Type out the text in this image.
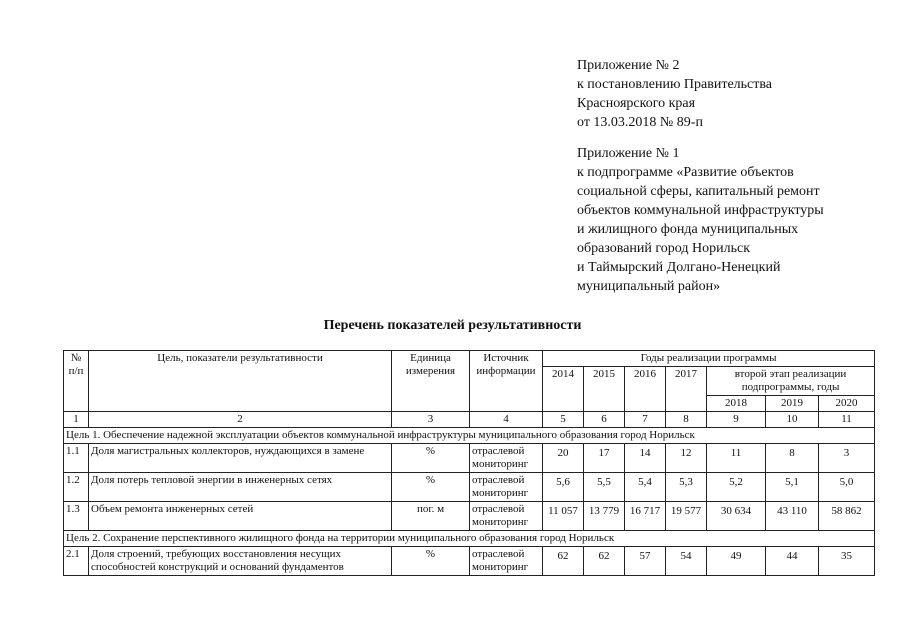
Приложение № 2
к постановлению Правительства
Красноярского края
от 13.03.2018 № 89-п
Приложение № 1
к подпрограмме «Развитие объектов
социальной сферы, капитальный ремонт
объектов коммунальной инфраструктуры
и жилищного фонда муниципальных
образований город Норильск
и Таймырский Долгано-Ненецкий
муниципальный район»
Перечень показателей результативности
№ п/п	Цель, показатели результативности	Единица измерения	Источник информации	Годы реализации программы						
				2014	2015	2016	2017	второй этап реализации подпрограммы, годы		
								2018	2019	2020
1	2	3	4	5	6	7	8	9	10	11
Цель 1. Обеспечение надежной эксплуатации объектов коммунальной инфраструктуры муниципального образования город Норильск										
1.1	Доля магистральных коллекторов, нуждающихся в замене	%	отраслевой мониторинг	20	17	14	12	11	8	3
1.2	Доля потерь тепловой энергии в инженерных сетях	%	отраслевой мониторинг	5,6	5,5	5,4	5,3	5,2	5,1	5,0
1.3	Объем ремонта инженерных сетей	пог. м	отраслевой мониторинг	11 057	13 779	16 717	19 577	30 634	43 110	58 862
Цель 2. Сохранение перспективного жилищного фонда на территории муниципального образования город Норильск										
2.1	Доля строений, требующих восстановления несущих способностей конструкций и оснований фундаментов	%	отраслевой мониторинг	62	62	57	54	49	44	35
